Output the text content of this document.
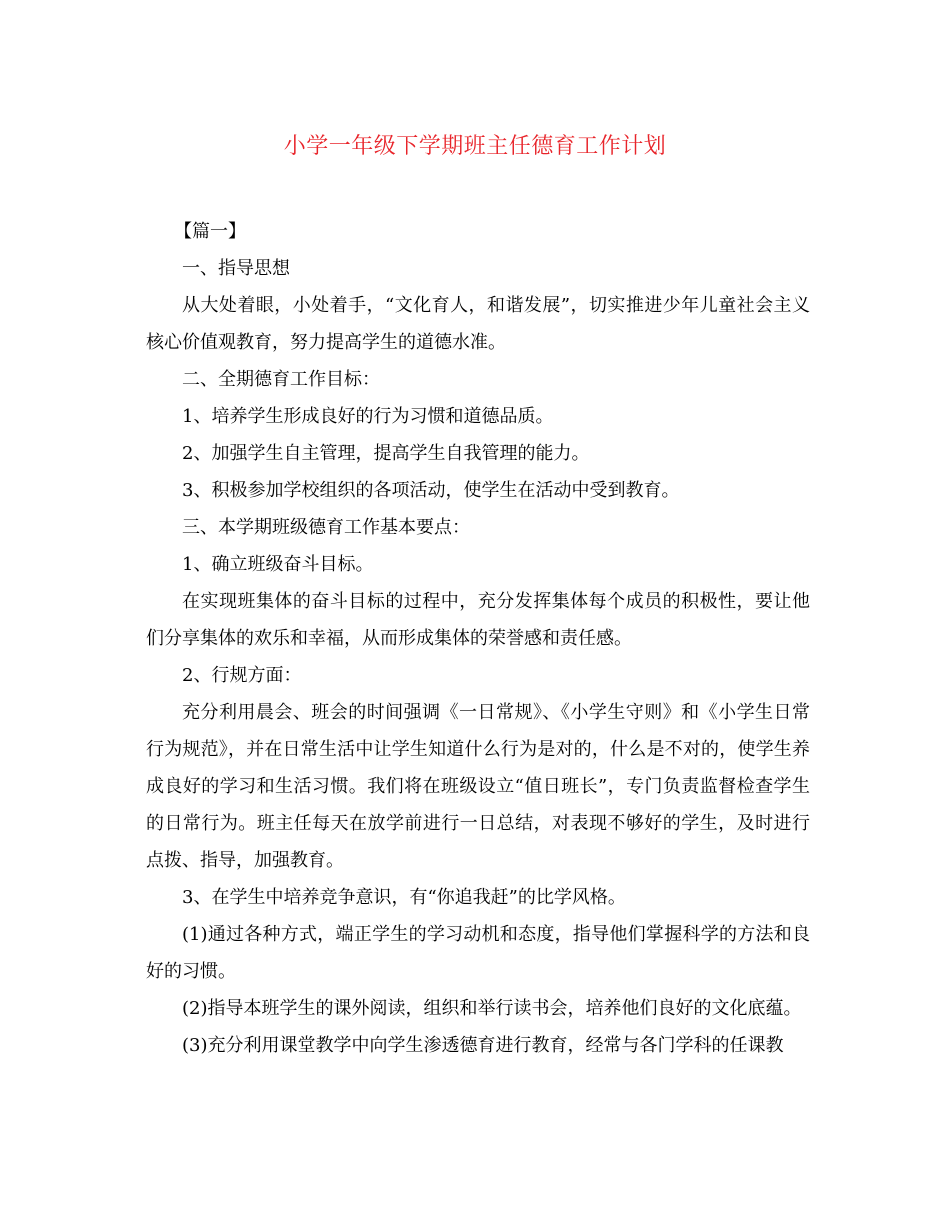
小学一年级下学期班主任德育工作计划

【篇一】

一、指导思想

从大处着眼，小处着手，“文化育人，和谐发展”，切实推进少年儿童社会主义核心价值观教育，努力提高学生的道德水准。

二、全期德育工作目标：

1、培养学生形成良好的行为习惯和道德品质。

2、加强学生自主管理，提高学生自我管理的能力。

3、积极参加学校组织的各项活动，使学生在活动中受到教育。

三、本学期班级德育工作基本要点：

1、确立班级奋斗目标。

在实现班集体的奋斗目标的过程中，充分发挥集体每个成员的积极性，要让他们分享集体的欢乐和幸福，从而形成集体的荣誉感和责任感。

2、行规方面：

充分利用晨会、班会的时间强调《一日常规》、《小学生守则》和《小学生日常行为规范》，并在日常生活中让学生知道什么行为是对的，什么是不对的，使学生养成良好的学习和生活习惯。我们将在班级设立“值日班长”，专门负责监督检查学生的日常行为。班主任每天在放学前进行一日总结，对表现不够好的学生，及时进行点拨、指导，加强教育。

3、在学生中培养竞争意识，有“你追我赶”的比学风格。

(1)通过各种方式，端正学生的学习动机和态度，指导他们掌握科学的方法和良好的习惯。

(2)指导本班学生的课外阅读，组织和举行读书会，培养他们良好的文化底蕴。

(3)充分利用课堂教学中向学生渗透德育进行教育，经常与各门学科的任课教
